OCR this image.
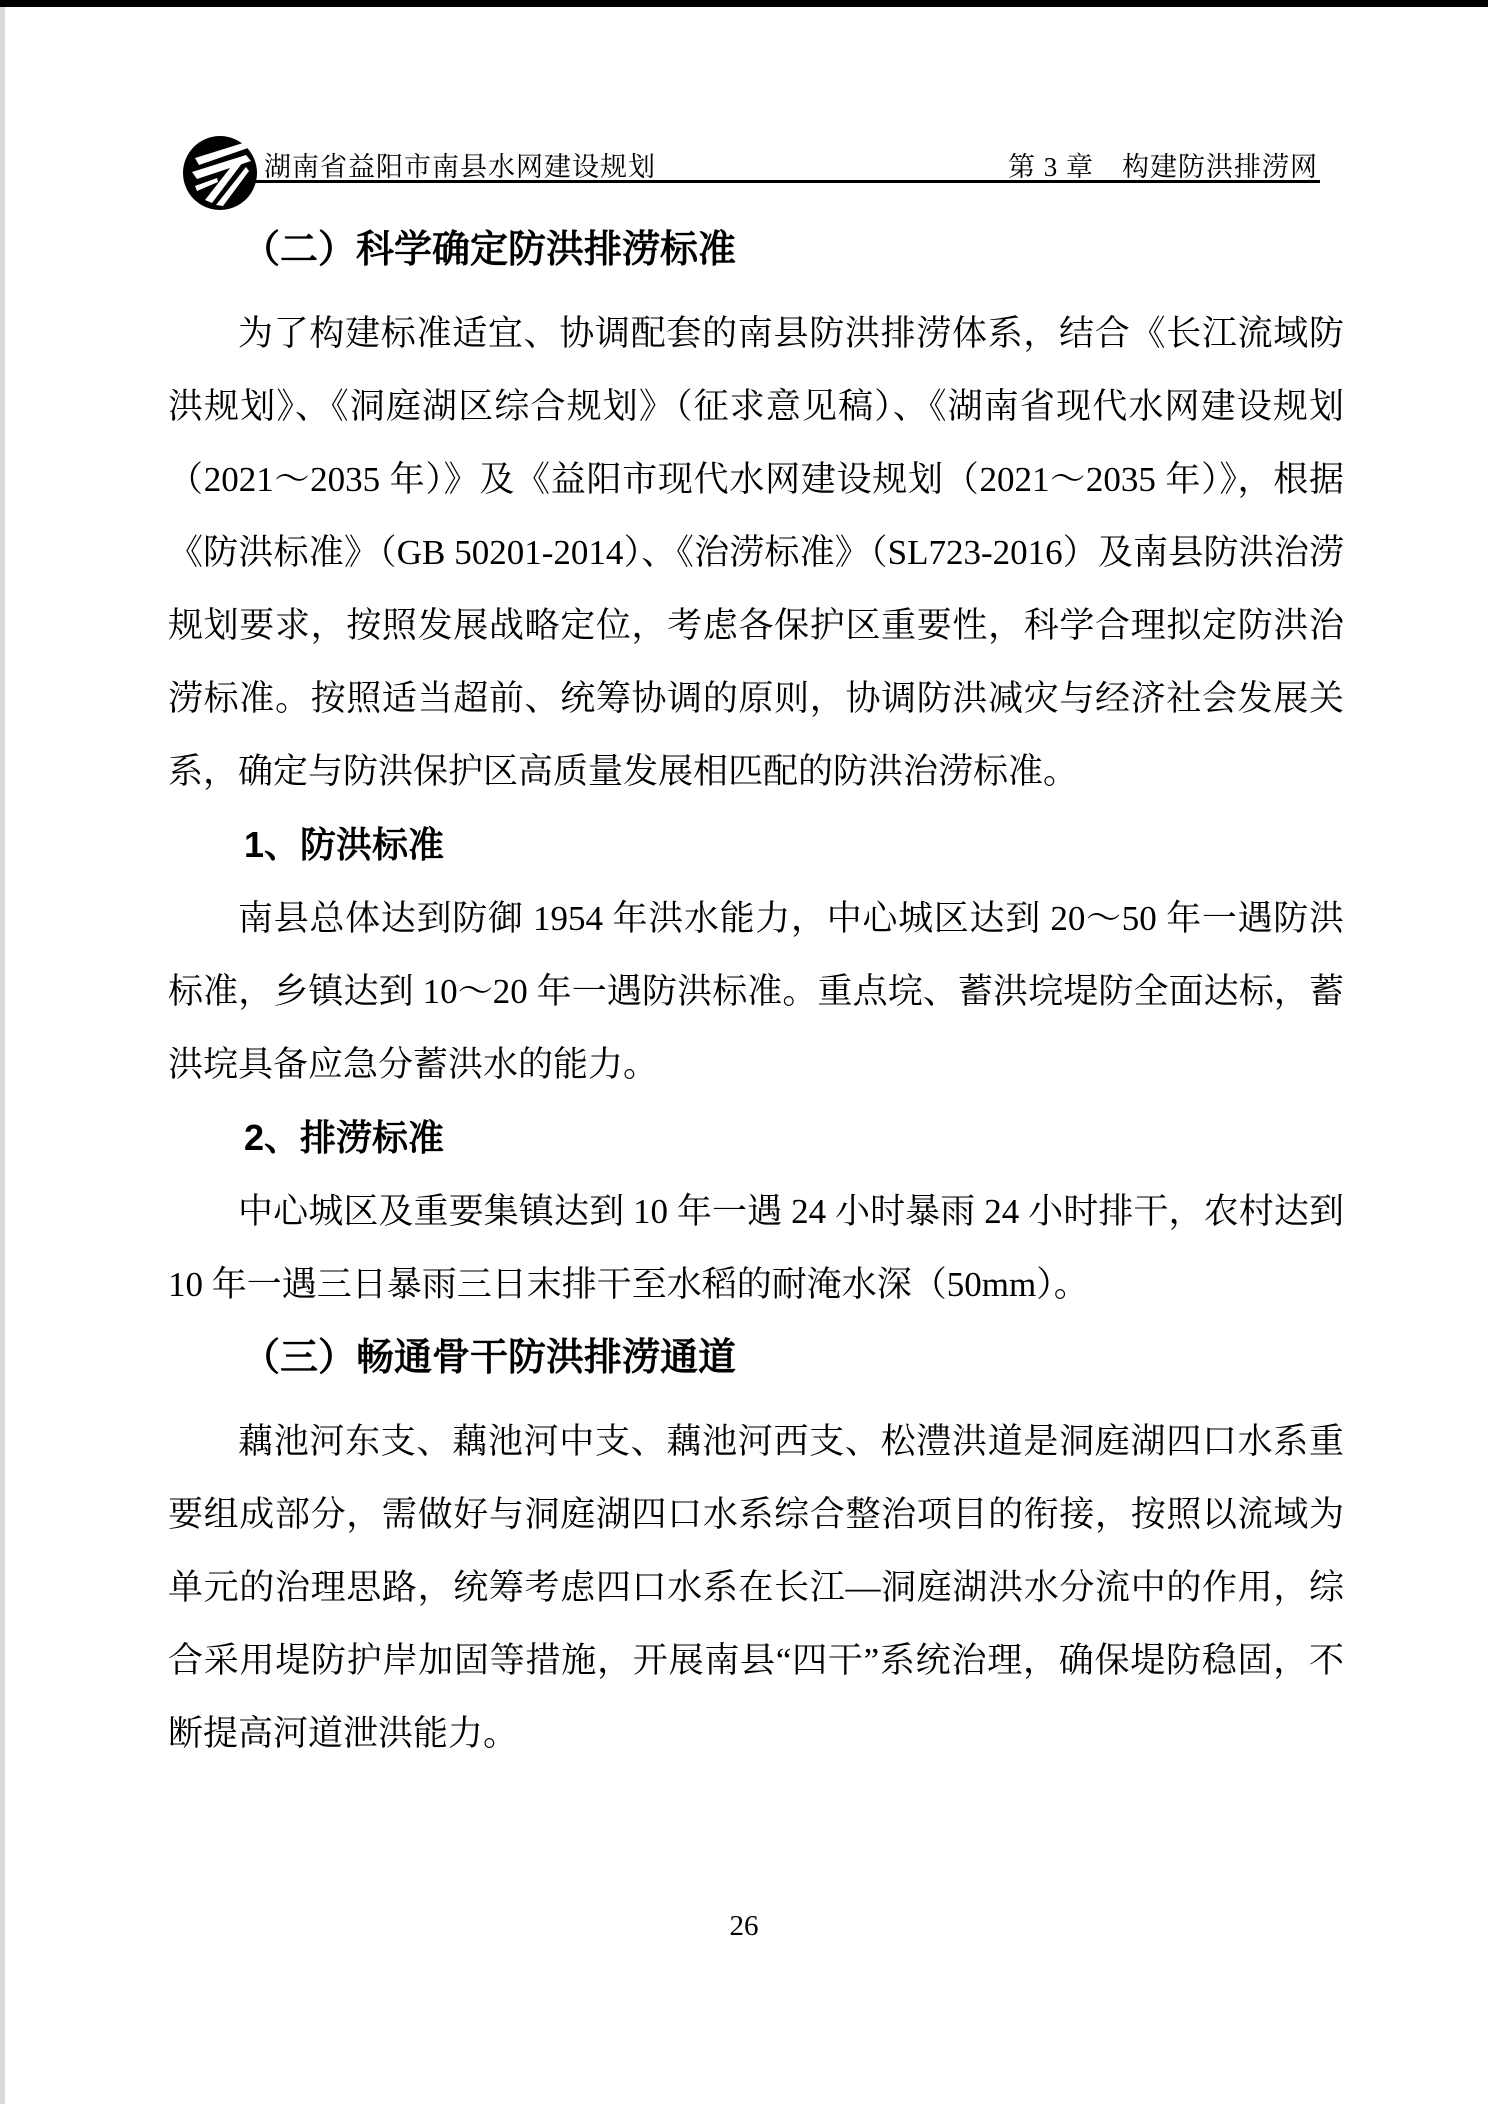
湖南省益阳市南县水网建设规划	第 3 章　构建防洪排涝网
（二）科学确定防洪排涝标准

为了构建标准适宜、协调配套的南县防洪排涝体系，结合《长江流域防洪规划》、《洞庭湖区综合规划》（征求意见稿）、《湖南省现代水网建设规划（2021～2035 年）》及《益阳市现代水网建设规划（2021～2035 年）》，根据《防洪标准》（GB 50201-2014）、《治涝标准》（SL723-2016）及南县防洪治涝规划要求，按照发展战略定位，考虑各保护区重要性，科学合理拟定防洪治涝标准。按照适当超前、统筹协调的原则，协调防洪减灾与经济社会发展关系，确定与防洪保护区高质量发展相匹配的防洪治涝标准。

1、防洪标准

南县总体达到防御 1954 年洪水能力，中心城区达到 20～50 年一遇防洪标准，乡镇达到 10～20 年一遇防洪标准。重点垸、蓄洪垸堤防全面达标，蓄洪垸具备应急分蓄洪水的能力。

2、排涝标准

中心城区及重要集镇达到 10 年一遇 24 小时暴雨 24 小时排干，农村达到 10 年一遇三日暴雨三日末排干至水稻的耐淹水深（50mm）。

（三）畅通骨干防洪排涝通道

藕池河东支、藕池河中支、藕池河西支、松澧洪道是洞庭湖四口水系重要组成部分，需做好与洞庭湖四口水系综合整治项目的衔接，按照以流域为单元的治理思路，统筹考虑四口水系在长江—洞庭湖洪水分流中的作用，综合采用堤防护岸加固等措施，开展南县“四干”系统治理，确保堤防稳固，不断提高河道泄洪能力。

26
